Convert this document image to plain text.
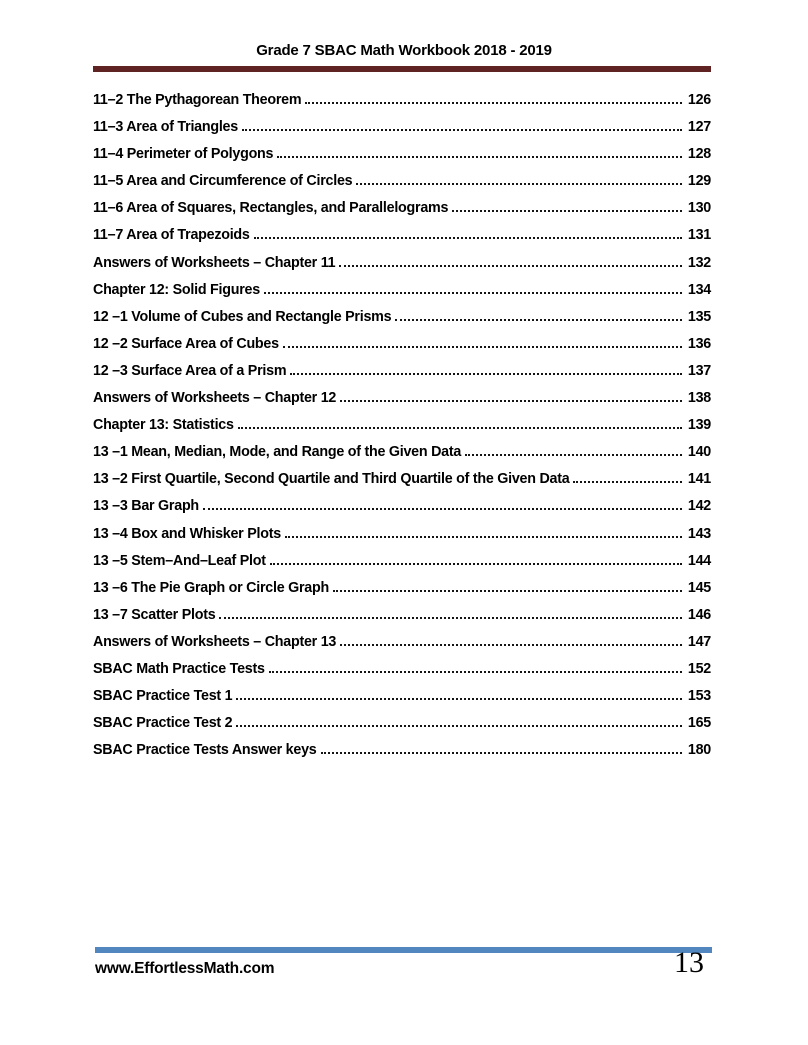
Grade 7 SBAC Math Workbook 2018 - 2019
11–2 The Pythagorean Theorem	126
11–3 Area of Triangles	127
11–4 Perimeter of Polygons	128
11–5 Area and Circumference of Circles	129
11–6 Area of Squares, Rectangles, and Parallelograms	130
11–7 Area of Trapezoids	131
Answers of Worksheets – Chapter 11	132
Chapter 12: Solid Figures	134
12 –1 Volume of Cubes and Rectangle Prisms	135
12 –2 Surface Area of Cubes	136
12 –3 Surface Area of a Prism	137
Answers of Worksheets – Chapter 12	138
Chapter 13: Statistics	139
13 –1 Mean, Median, Mode, and Range of the Given Data	140
13 –2 First Quartile, Second Quartile and Third Quartile of the Given Data	141
13 –3 Bar Graph	142
13 –4 Box and Whisker Plots	143
13 –5 Stem–And–Leaf Plot	144
13 –6 The Pie Graph or Circle Graph	145
13 –7 Scatter Plots	146
Answers of Worksheets – Chapter 13	147
SBAC Math Practice Tests	152
SBAC Practice Test 1	153
SBAC Practice Test 2	165
SBAC Practice Tests Answer keys	180
www.EffortlessMath.com	13
